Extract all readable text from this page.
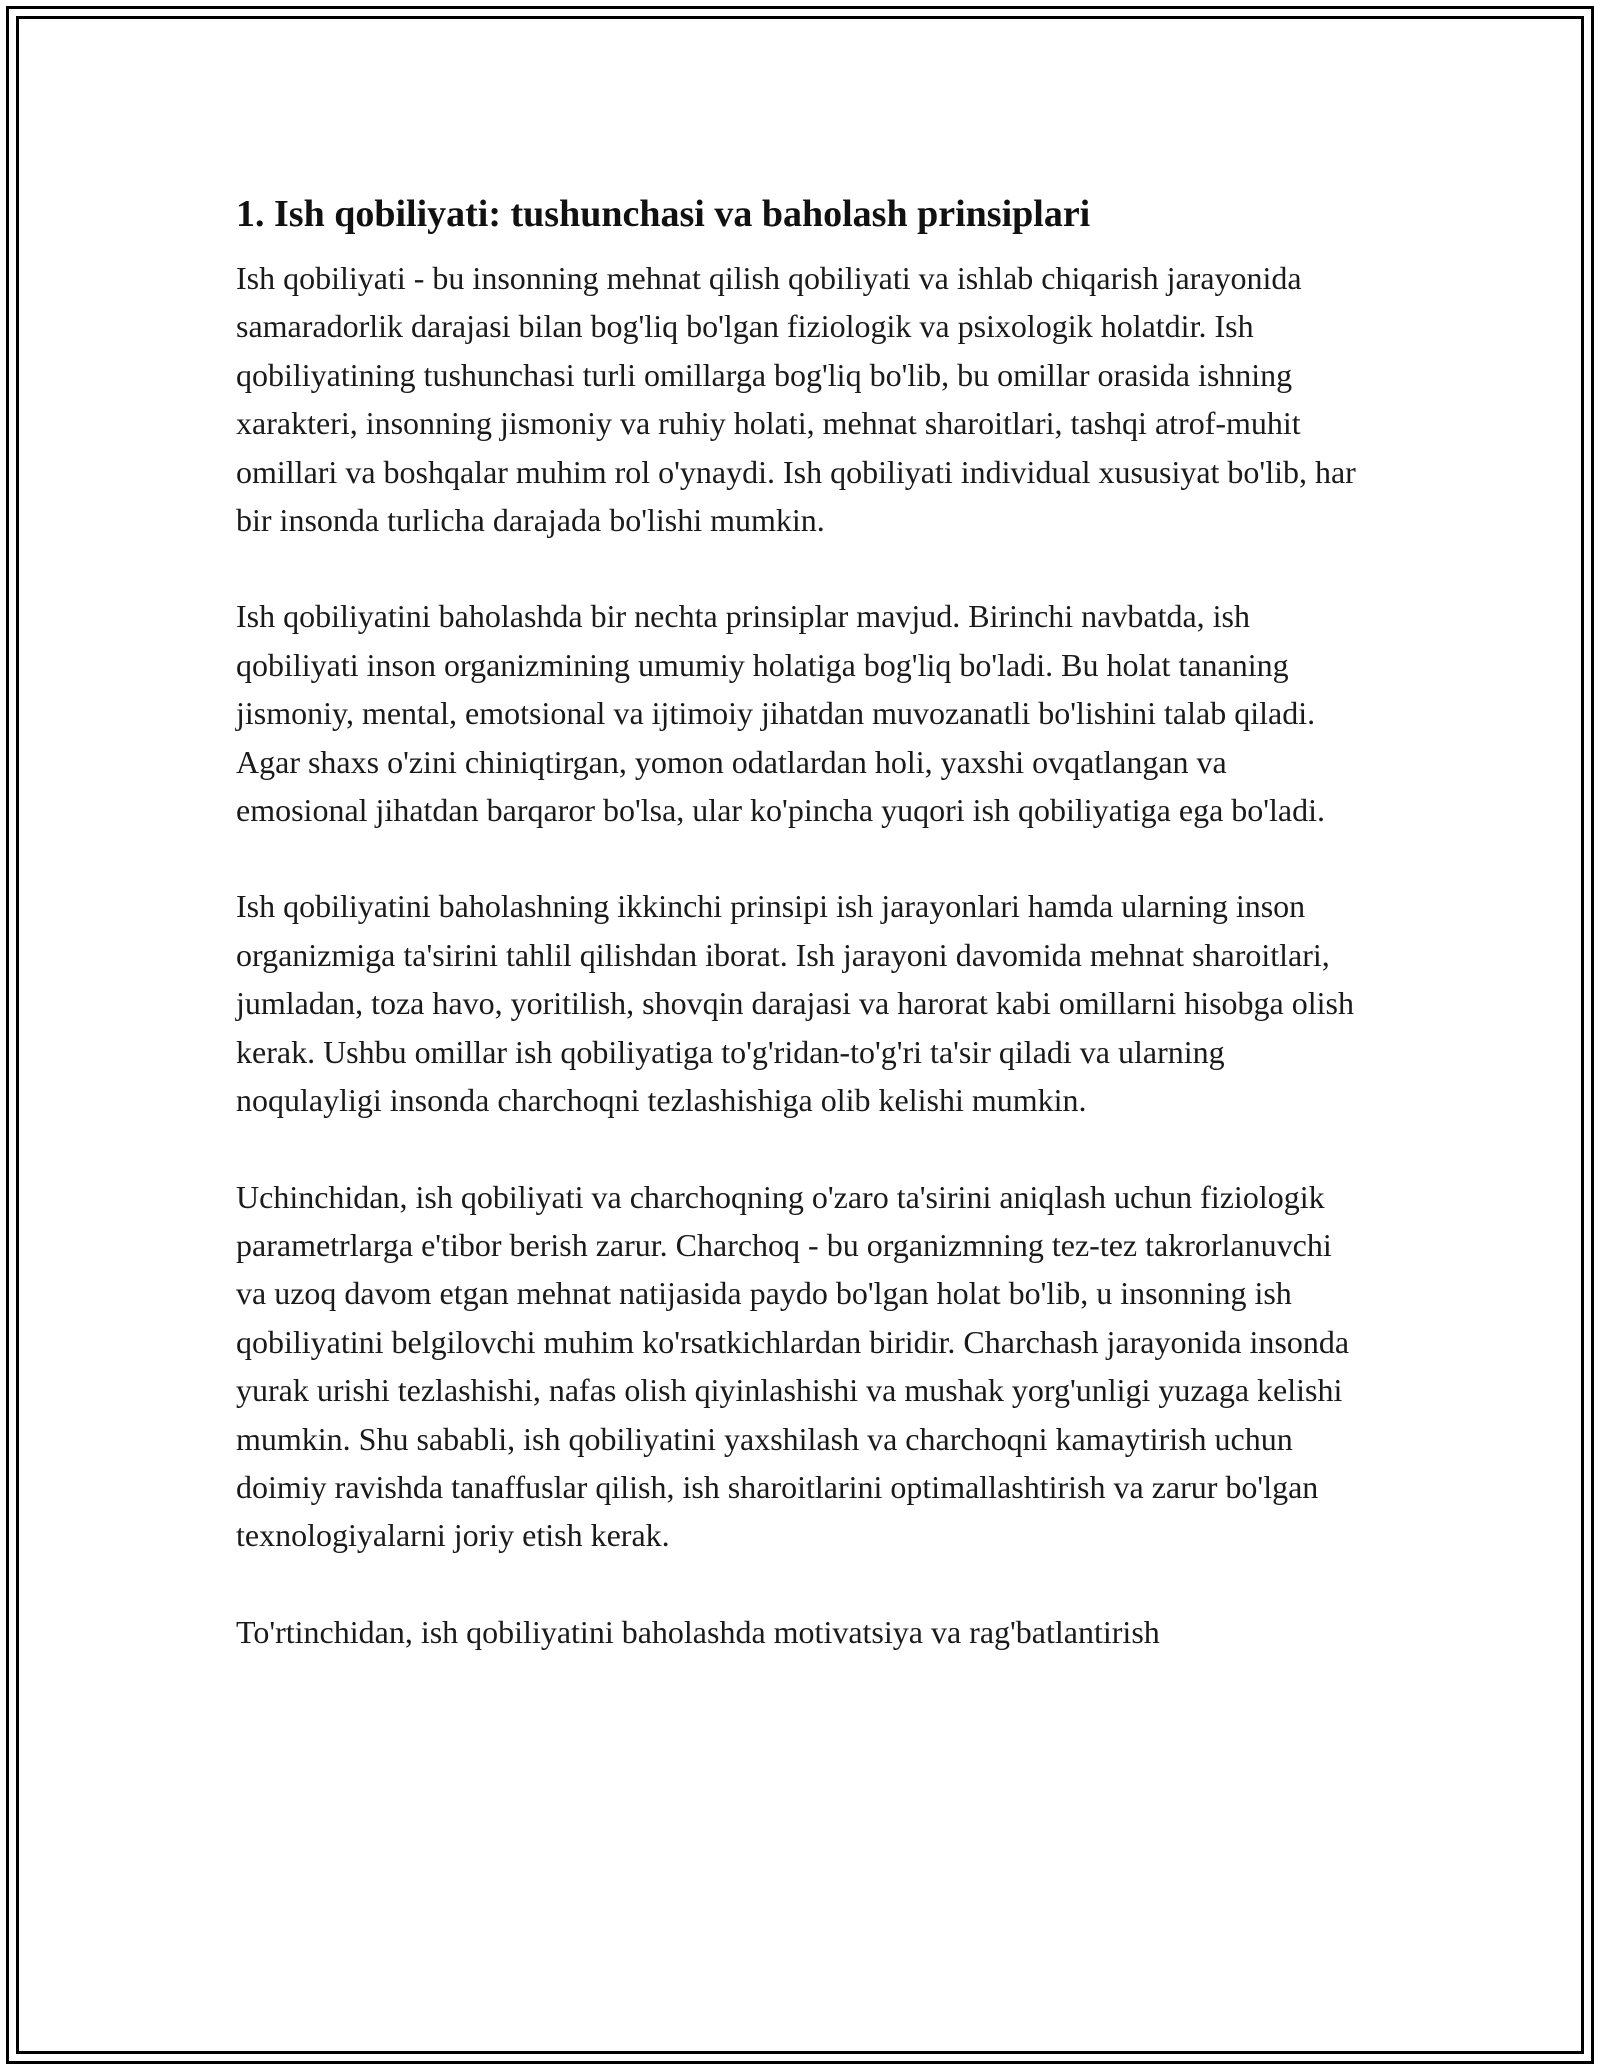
1. Ish qobiliyati: tushunchasi va baholash prinsiplari

Ish qobiliyati - bu insonning mehnat qilish qobiliyati va ishlab chiqarish jarayonida samaradorlik darajasi bilan bog'liq bo'lgan fiziologik va psixologik holatdir. Ish qobiliyatining tushunchasi turli omillarga bog'liq bo'lib, bu omillar orasida ishning xarakteri, insonning jismoniy va ruhiy holati, mehnat sharoitlari, tashqi atrof-muhit omillari va boshqalar muhim rol o'ynaydi. Ish qobiliyati individual xususiyat bo'lib, har bir insonda turlicha darajada bo'lishi mumkin.

Ish qobiliyatini baholashda bir nechta prinsiplar mavjud. Birinchi navbatda, ish qobiliyati inson organizmining umumiy holatiga bog'liq bo'ladi. Bu holat tananing jismoniy, mental, emotsional va ijtimoiy jihatdan muvozanatli bo'lishini talab qiladi. Agar shaxs o'zini chiniqtirgan, yomon odatlardan holi, yaxshi ovqatlangan va emosional jihatdan barqaror bo'lsa, ular ko'pincha yuqori ish qobiliyatiga ega bo'ladi.

Ish qobiliyatini baholashning ikkinchi prinsipi ish jarayonlari hamda ularning inson organizmiga ta'sirini tahlil qilishdan iborat. Ish jarayoni davomida mehnat sharoitlari, jumladan, toza havo, yoritilish, shovqin darajasi va harorat kabi omillarni hisobga olish kerak. Ushbu omillar ish qobiliyatiga to'g'ridan-to'g'ri ta'sir qiladi va ularning noqulayligi insonda charchoqni tezlashishiga olib kelishi mumkin.

Uchinchidan, ish qobiliyati va charchoqning o'zaro ta'sirini aniqlash uchun fiziologik parametrlarga e'tibor berish zarur. Charchoq - bu organizmning tez-tez takrorlanuvchi va uzoq davom etgan mehnat natijasida paydo bo'lgan holat bo'lib, u insonning ish qobiliyatini belgilovchi muhim ko'rsatkichlardan biridir. Charchash jarayonida insonda yurak urishi tezlashishi, nafas olish qiyinlashishi va mushak yorg'unligi yuzaga kelishi mumkin. Shu sababli, ish qobiliyatini yaxshilash va charchoqni kamaytirish uchun doimiy ravishda tanaffuslar qilish, ish sharoitlarini optimallashtirish va zarur bo'lgan texnologiyalarni joriy etish kerak.

To'rtinchidan, ish qobiliyatini baholashda motivatsiya va rag'batlantirish
